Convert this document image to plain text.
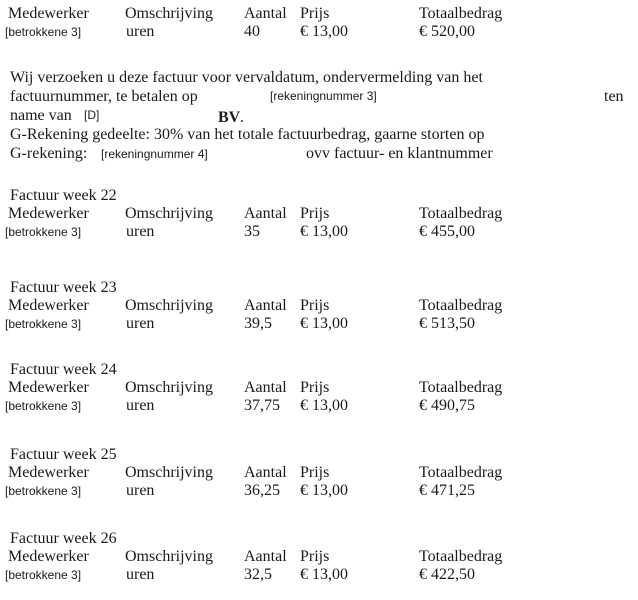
Medewerker Omschrijving Aantal Prijs	Totaalbedrag
[betrokkene 3]	uren	40	€ 13,00	€ 520,00
Wij verzoeken u deze factuur voor vervaldatum, ondervermelding van het
factuurnummer, te betalen op	[rekeningnummer 3]	ten
name van [D]	BV .
G-Rekening gedeelte: 30% van het totale factuurbedrag, gaarne storten op
G-rekening: [rekeningnummer 4]	ovv factuur- en klantnummer
Factuur week 22
Medewerker Omschrijving Aantal Prijs	Totaalbedrag
[betrokkene 3]	uren	35	€ 13,00	€ 455,00
Factuur week 23
Medewerker Omschrijving Aantal Prijs	Totaalbedrag
[betrokkene 3]	uren	39,5 € 13,00	€ 513,50
Factuur week 24
Medewerker Omschrijving Aantal Prijs	Totaalbedrag
[betrokkene 3]	uren	37,75 € 13,00	€ 490,75
Factuur week 25
Medewerker Omschrijving Aantal Prijs	Totaalbedrag
[betrokkene 3]	uren	36,25 € 13,00	€ 471,25
Factuur week 26
Medewerker Omschrijving Aantal Prijs	Totaalbedrag
[betrokkene 3]	uren	32,5 € 13,00	€ 422,50
